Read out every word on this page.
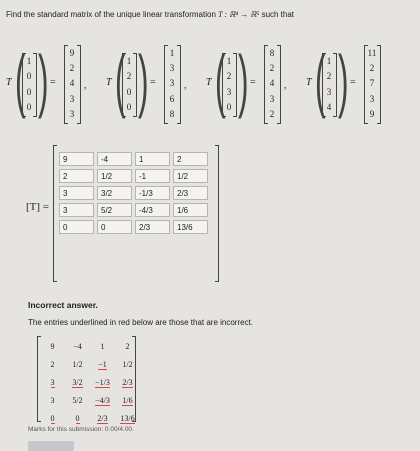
Find the standard matrix of the unique linear transformation T : ℝ⁴ → ℝ⁵ such that
T ( 1
0
0
0 ) =
9
2
4
3
3
, T ( 1
2
0
0 ) =
1
3
3
6
8
, T ( 1
2
3
0 ) =
8
2
4
3
2
, T ( 1
2
3
4 ) =
11
2
7
3
9
[T] =
9	-4	1	2
2	1/2	-1	1/2
3	3/2	-1/3	2/3
3	5/2	-4/3	1/6
0	0	2/3	13/6
Incorrect answer.
The entries underlined in red below are those that are incorrect.
9	−4	1	2
2	1/2	−1	1/2
3	3/2	−1/3	2/3
3	5/2	−4/3	1/6
0	0	2/3	13/6
Marks for this submission: 0.00/4.00.
